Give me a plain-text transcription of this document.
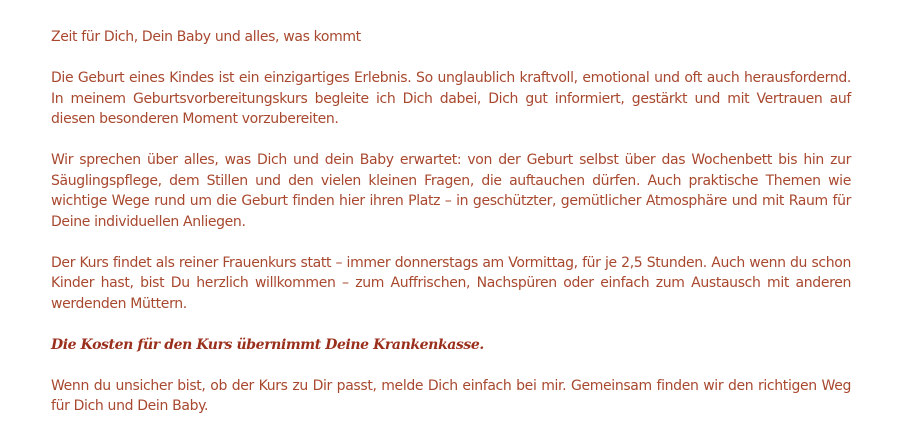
Zeit für Dich, Dein Baby und alles, was kommt

Die Geburt eines Kindes ist ein einzigartiges Erlebnis. So unglaublich kraftvoll, emotional und oft auch herausfordernd. In meinem Geburtsvorbereitungskurs begleite ich Dich dabei, Dich gut informiert, gestärkt und mit Vertrauen auf diesen besonderen Moment vorzubereiten.

Wir sprechen über alles, was Dich und dein Baby erwartet: von der Geburt selbst über das Wochenbett bis hin zur Säuglingspflege, dem Stillen und den vielen kleinen Fragen, die auftauchen dürfen. Auch praktische Themen wie wichtige Wege rund um die Geburt finden hier ihren Platz – in geschützter, gemütlicher Atmosphäre und mit Raum für Deine individuellen Anliegen.

Der Kurs findet als reiner Frauenkurs statt – immer donnerstags am Vormittag, für je 2,5 Stunden. Auch wenn du schon Kinder hast, bist Du herzlich willkommen – zum Auffrischen, Nachspüren oder einfach zum Austausch mit anderen werdenden Müttern.

Die Kosten für den Kurs übernimmt Deine Krankenkasse.

Wenn du unsicher bist, ob der Kurs zu Dir passt, melde Dich einfach bei mir. Gemeinsam finden wir den richtigen Weg für Dich und Dein Baby.
